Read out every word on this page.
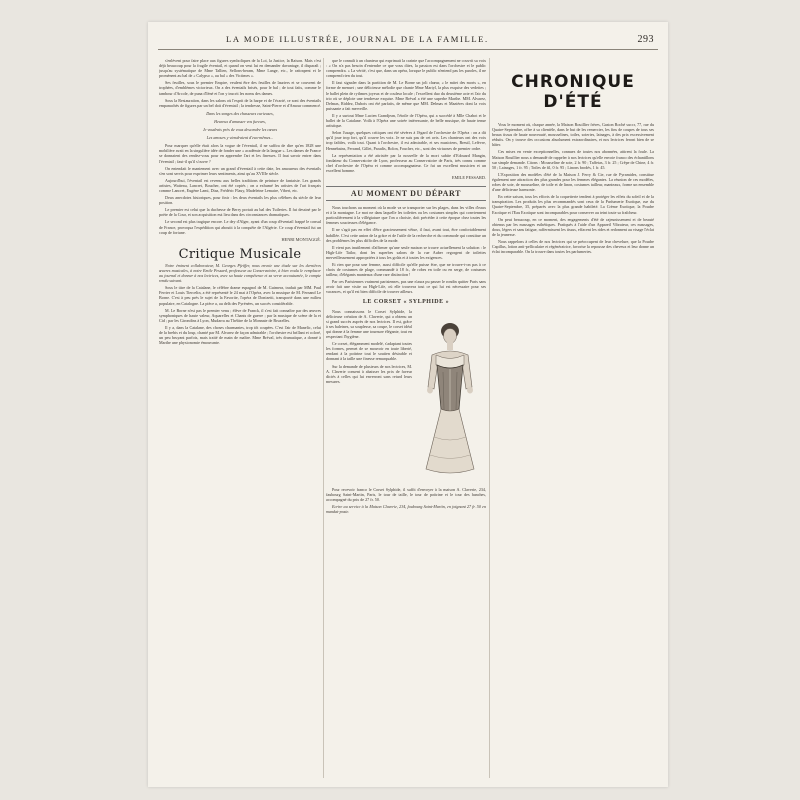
LA MODE ILLUSTRÉE, JOURNAL DE LA FAMILLE.	293

s'enlèvent pour faire place aux figures symboliques de la Loi, la Justice, la Raison. Mais c'est déjà beaucoup pour la fragile éventail, et quand on veut lui en demander davantage, il disparaît ; jusqu'au systématique de Mme Tallien, Sellons-beram, Mme Lange, etc., le rattrapent et le promènent au bal de « Calypso », au bal « des Victimes ».

Ses feuilles, sous le premier Empire, veulent être des feuilles de lauriers et se couvrent de trophées, d'emblèmes victorieux. On a des éventails brisés, pour le bal ; de tout faits, comme le tambour d'Arcole, de puna d'Iéné et l'on y inscrit les noms des dames.

Sous la Restauration, dans les salons où l'esprit de la harpe et de l'écarté, ce sont des éventails empanachés de figures par un bel doit d'éventail ; la tendresse, Saint-Pierre et d'Amour commencé.

Dans les songes des chasseurs curieuses,

Heureux d'amasser vos fureurs,

Je voudrais près de vous descendre les cœurs

Les amours y viendraient d'eux-mêmes...

Pour marquer qu'elle était alors la vogue de l'éventail, il ne suffira de dire qu'en 1828 une mobilière avait en la singulière idée de fonder une « académie de la langue ». Les dames de France se donnaient des rendez-vous pour en apprendre l'art et les finesses. Il faut savoir entrer dans l'éventail ; faut-il qu'il s'ouvre ?

On entendait le maniement avec un grand d'éventail à cette date, les amoureux des éventails s'en sont servis pour exprimer leurs sentiments, ainsi qu'au XVIIIe siècle.

Aujourd'hui, l'éventail est revenu aux belles traditions de peinture de fantaisie. Les grands artistes, Watteau, Lancret, Boucher, ont été copiés ; on a exhumé les artistes de l'art français comme Lancret, Eugène Lami, Diaz, Frédéric Flauy, Madeleine Lemaire, Vibert, etc.

Deux anecdotes historiques, pour finir : les deux éventails les plus célèbres du siècle de leur position.

Le premier est celui que la duchesse de Berry portait au bal des Tuileries. Il fut dessiné par le poète de la Cour, et son acquisition eut lieu dans des circonstances dramatiques.

Le second est plus tragique encore. Le dey d'Alger, ayant d'un coup d'éventail frappé le consul de France, provoqua l'expédition qui aboutit à la conquête de l'Algérie. Ce coup d'éventail fut un coup de fortune.

HENRI MONTAGGÉ.

Critique Musicale

Notre éminent collaborateur, M. Georges Pfeiffer, nous envoie une étude sur les dernières œuvres musicales, à notre Emile Pessard, professeur au Conservatoire, à bien voulu le remplacer au journal et donner à nos lectrices, avec sa haute compétence et sa verve accoutumée, le compte rendu suivant.

Sous le titre de la Catalane, le célèbre drame espagnol de M. Guimera, traduit par MM. Paul Ferrier et Louis Tiercelin, a été représenté le 24 mai à l'Opéra, avec la musique de M. Fernand Le Borne. C'est à peu près le sujet de la Favorite, l'opéra de Donizetti, transporté dans une milieu populaire, en Catalogne. La pièce a, au delà des Pyrénées, un succès considérable.

M. Le Borne n'est pas le premier venu ; élève de Franck, il s'est fait connaître par des œuvres symphoniques de haute valeur, Aquarelles et Chants de guerre ; par la musique de scène de la et Cid ; par les Girondins à Lyon, Mudarra au Théâtre de la Monnaie de Bruxelles.

Il y a, dans la Catalane, des choses charmantes, trop tôt coupées. C'est l'air de Manelic, celui de la brebis et du loup, chanté par M. Alvarez de façon admirable ; l'orchestre est brillant et coloré, un peu bruyant parfois, mais traité de main de maître. Mme Bréval, très dramatique, a donné à Marthe une physionomie émouvante.

que le connaît à un chanteur qui exprimait la crainte que l'accompagnement ne couvrit sa voix : « On n'a pas besoin d'entendre ce que vous dites, la passion est dans l'orchestre et le public comprendra. » La vérité, c'est que, dans un opéra, lorsque le public n'entend pas les paroles, il ne comprend rien du tout.

Il faut signaler dans la partition de M. Le Borne un joli chœur, « le mitet des morts », en forme de menuet ; une délicieuse mélodie que chante Mme Martyl, la plus exquise des vedettes ; le ballet plein de rythmes joyeux et de couleur locale ; l'excellent duo du deuxième acte et l'air du trio où se déploie une tendresse exquise. Mme Bréval a été une superbe Marthe. MM. Alvarez, Delmas, Riddez, Dubois ont été parfaits, de même que MM. Delmas et Mazières dont la voix puissante a fait merveille.

Il y a surtout Mme Lucien Grandjean, l'étoile de l'Opéra, qui a succédé à Mlle Chabot et le ballet de la Catalane. Voilà à l'Opéra une soirée intéressante, de belle musique, de haute tenue artistique.

Selon l'usage, quelques critiques ont été sévères à l'égard de l'orchestre de l'Opéra : on a dit qu'il joue trop fort, qu'il couvre les voix. Je ne suis pas de cet avis. Les chanteurs ont des voix trop faibles, voilà tout. Quant à l'orchestre, il est admirable, et ses musiciens, Breuil, Lefèvre, Hennebains, Ferrand, Gillet, Paradis, Bolon, Foucher, etc., sont des virtuoses de premier ordre.

La représentation a été attristée par la nouvelle de la mort subite d'Edouard Mangin, fondateur du Conservatoire de Lyon, professeur au Conservatoire de Paris, très connu comme chef d'orchestre de l'Opéra et comme accompagnateur. Ce fut un excellent musicien et un excellent homme.

EMILE PESSARD.

AU MOMENT DU DÉPART

Nous touchons au moment où la mode va se transporter sur les plages, dans les villes d'eaux et à la montagne. Le mot ne dans laquelle les toilettes ou les costumes simples qui conviennent particulièrement à la villégiature que l'on a choisie, doit précéder à cette époque chez toutes les femmes soucieuses d'élégance.

Il ne s'agit pas en effet d'être gracieusement vêtue, il faut, avant tout, être confortablement habillée. C'est cette union de la grâce et de l'utile de la recherche et du commode qui constitue un des problèmes les plus difficiles de la mode.

Il vient pas inutilement d'affirmer qu'une seule maison se trouve actuellement la solution : le High-Life Tailor, dont les superbes salons de la rue Auber regorgent de toilettes merveilleusement appropriées à tous les goûts et à toutes les exigences.

Et rien que pour une femme, aussi difficile qu'elle puisse être, que ne trouve-t-on pas à ce choix de costumes de plage, commandé à 18 fr., de robes en toile ou en serge, de costumes tailleur, d'élégants manteaux d'une rare distinction !

Par ces Parisiennes vraiment parisiennes, pas une n'aura pu passer le rondin quitter Paris sans avoir fait une visite au High-Life, où elle trouvera tout ce qui lui est nécessaire pour ses vacances, et qu'il est bien difficile de trouver ailleurs.

LE CORSET « SYLPHIDE »

Nous connaissons le Corset Sylphide, la délicieuse création de A. Claverie, qui a obtenu un si grand succès auprès de nos lectrices. Il est, grâce à ses baleines, sa souplesse, sa coupe, le corset idéal qui donne à la femme une tournure élégante, tout en respectant l'hygiène.

Ce corset, élégamment modelé, s'adaptant toutes les formes, permet de se mouvoir en toute liberté, rendant à la poitrine tout le soutien désirable et donnant à la taille une finesse remarquable.

Sur la demande de plusieurs de nos lectrices, M. A. Claverie consent à abaisser les prix de faveur dictés à celles qui lui enverront sans retard leurs mesures.

Pour recevoir franco le Corset Sylphide, il suffit d'envoyer à la maison A. Claverie, 234, faubourg Saint-Martin, Paris, le tour de taille, le tour de poitrine et le tour des hanches, accompagné du prix de 27 fr. 50.

Ecrire au service à la Maison Claverie, 234, faubourg Saint-Martin, en joignant 27 fr. 50 en mandat-poste.

CHRONIQUE D'ÉTÉ

Vous le moment où, chaque année, la Maison Rouillier frères, Gaston Roché succr, 77, rue du Quatre-Septembre, offre à sa clientèle, dans le but de les remercier, les fins de coupes de tous ses beaux tissus de haute nouveauté, mousselines, toiles, soieries, lainages, à des prix excessivement réduits. On y trouve des occasions absolument extraordinaires, et nos lectrices feront bien de se hâter.

Ces mises en vente exceptionnelles, connues de toutes nos abonnées, attirent la foule. La Maison Rouillier nous a demandé de rappeler à nos lectrices qu'elle envoie franco des échantillons sur simple demande. Citons : Mousseline de soie, 2 fr. 90 ; Taffetas, 3 fr. 25 ; Crêpe de Chine, 4 fr. 50 ; Lainages, 1 fr. 95 ; Toiles de fil, 0 fr. 95 ; Linons brodés, 1 fr. 45.

L'Exposition des modèles d'été de la Maison J. Ferry & Cie, rue de Pyramides, constitue également une attraction des plus grandes pour les femmes élégantes. La réunion de ces modèles, robes de soie, de mousseline, de toile et de linon, costumes tailleur, manteaux, forme un ensemble d'une délicieuse harmonie.

En cette saison, tous les efforts de la coquetterie tendent à protéger les effets du soleil et de la transpiration. Les produits les plus recommandés sont ceux de la Parfumerie Exotique, rue du Quatre-Septembre, 35, préparés avec la plus grande habileté. La Crème Exotique, la Poudre Exotique et l'Eau Exotique sont incomparables pour conserver au teint toute sa fraîcheur.

On peut beaucoup, en ce moment, des engagements d'été de rajeunissement et de beauté obtenus par les massages esthétiques. Pratiqués à l'aide d'un Appareil Vibrateur, ces massages, doux, légers et sans fatigue, raffermissent les tissus, effacent les rides et redonnent au visage l'éclat de la jeunesse.

Nous rappelons à celles de nos lectrices qui se préoccupent de leur chevelure, que la Poudre Capillus, lotion anti-pelliculaire et régénératrice, favorise la repousse des cheveux et leur donne un éclat incomparable. On la trouve dans toutes les parfumeries.
